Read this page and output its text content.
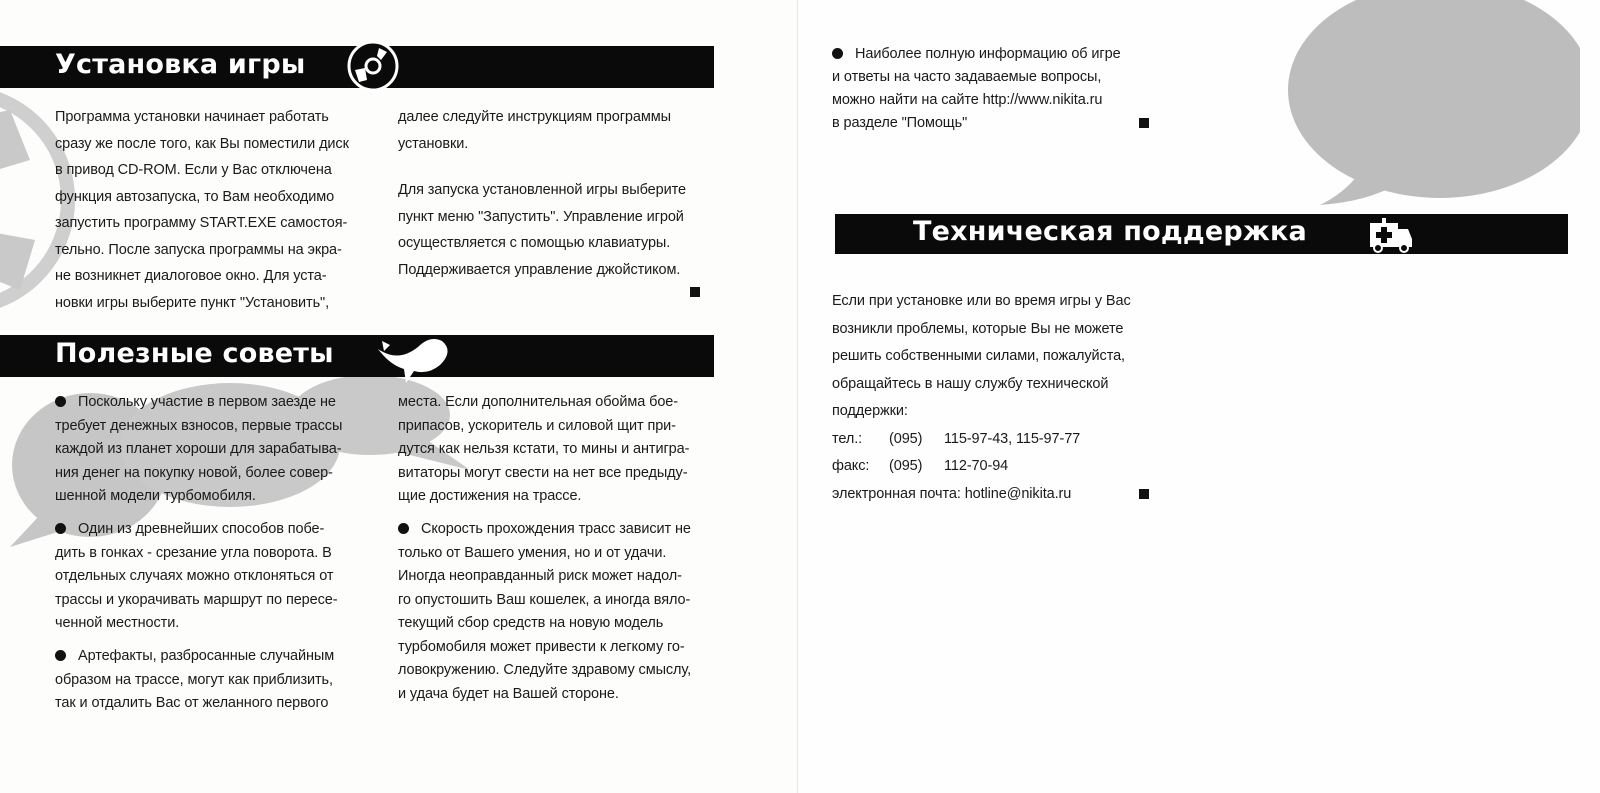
Установка игры
Программа установки начинает работать
сразу же после того, как Вы поместили диск
в привод CD-ROM. Если у Вас отключена
функция автозапуска, то Вам необходимо
запустить программу START.EXE самостоя-
тельно. После запуска программы на экра-
не возникнет диалоговое окно. Для уста-
новки игры выберите пункт "Установить",
далее следуйте инструкциям программы
установки.
Для запуска установленной игры выберите
пункт меню "Запустить". Управление игрой
осуществляется с помощью клавиатуры.
Поддерживается управление джойстиком.
Полезные советы
Поскольку участие в первом заезде не
требует денежных взносов, первые трассы
каждой из планет хороши для зарабатыва-
ния денег на покупку новой, более совер-
шенной модели турбомобиля.
Один из древнейших способов побе-
дить в гонках - срезание угла поворота. В
отдельных случаях можно отклоняться от
трассы и укорачивать маршрут по пересе-
ченной местности.
Артефакты, разбросанные случайным
образом на трассе, могут как приблизить,
так и отдалить Вас от желанного первого
места. Если дополнительная обойма бое-
припасов, ускоритель и силовой щит при-
дутся как нельзя кстати, то мины и антигра-
витаторы могут свести на нет все предыду-
щие достижения на трассе.
Скорость прохождения трасс зависит не
только от Вашего умения, но и от удачи.
Иногда неоправданный риск может надол-
го опустошить Ваш кошелек, а иногда вяло-
текущий сбор средств на новую модель
турбомобиля может привести к легкому го-
ловокружению. Следуйте здравому смыслу,
и удача будет на Вашей стороне.
Наиболее полную информацию об игре
и ответы на часто задаваемые вопросы,
можно найти на сайте http://www.nikita.ru
в разделе "Помощь"
Техническая поддержка
Если при установке или во время игры у Вас
возникли проблемы, которые Вы не можете
решить собственными силами, пожалуйста,
обращайтесь в нашу службу технической
поддержки:
тел.: (095) 115-97-43, 115-97-77
факс: (095) 112-70-94
электронная почта: hotline@nikita.ru
